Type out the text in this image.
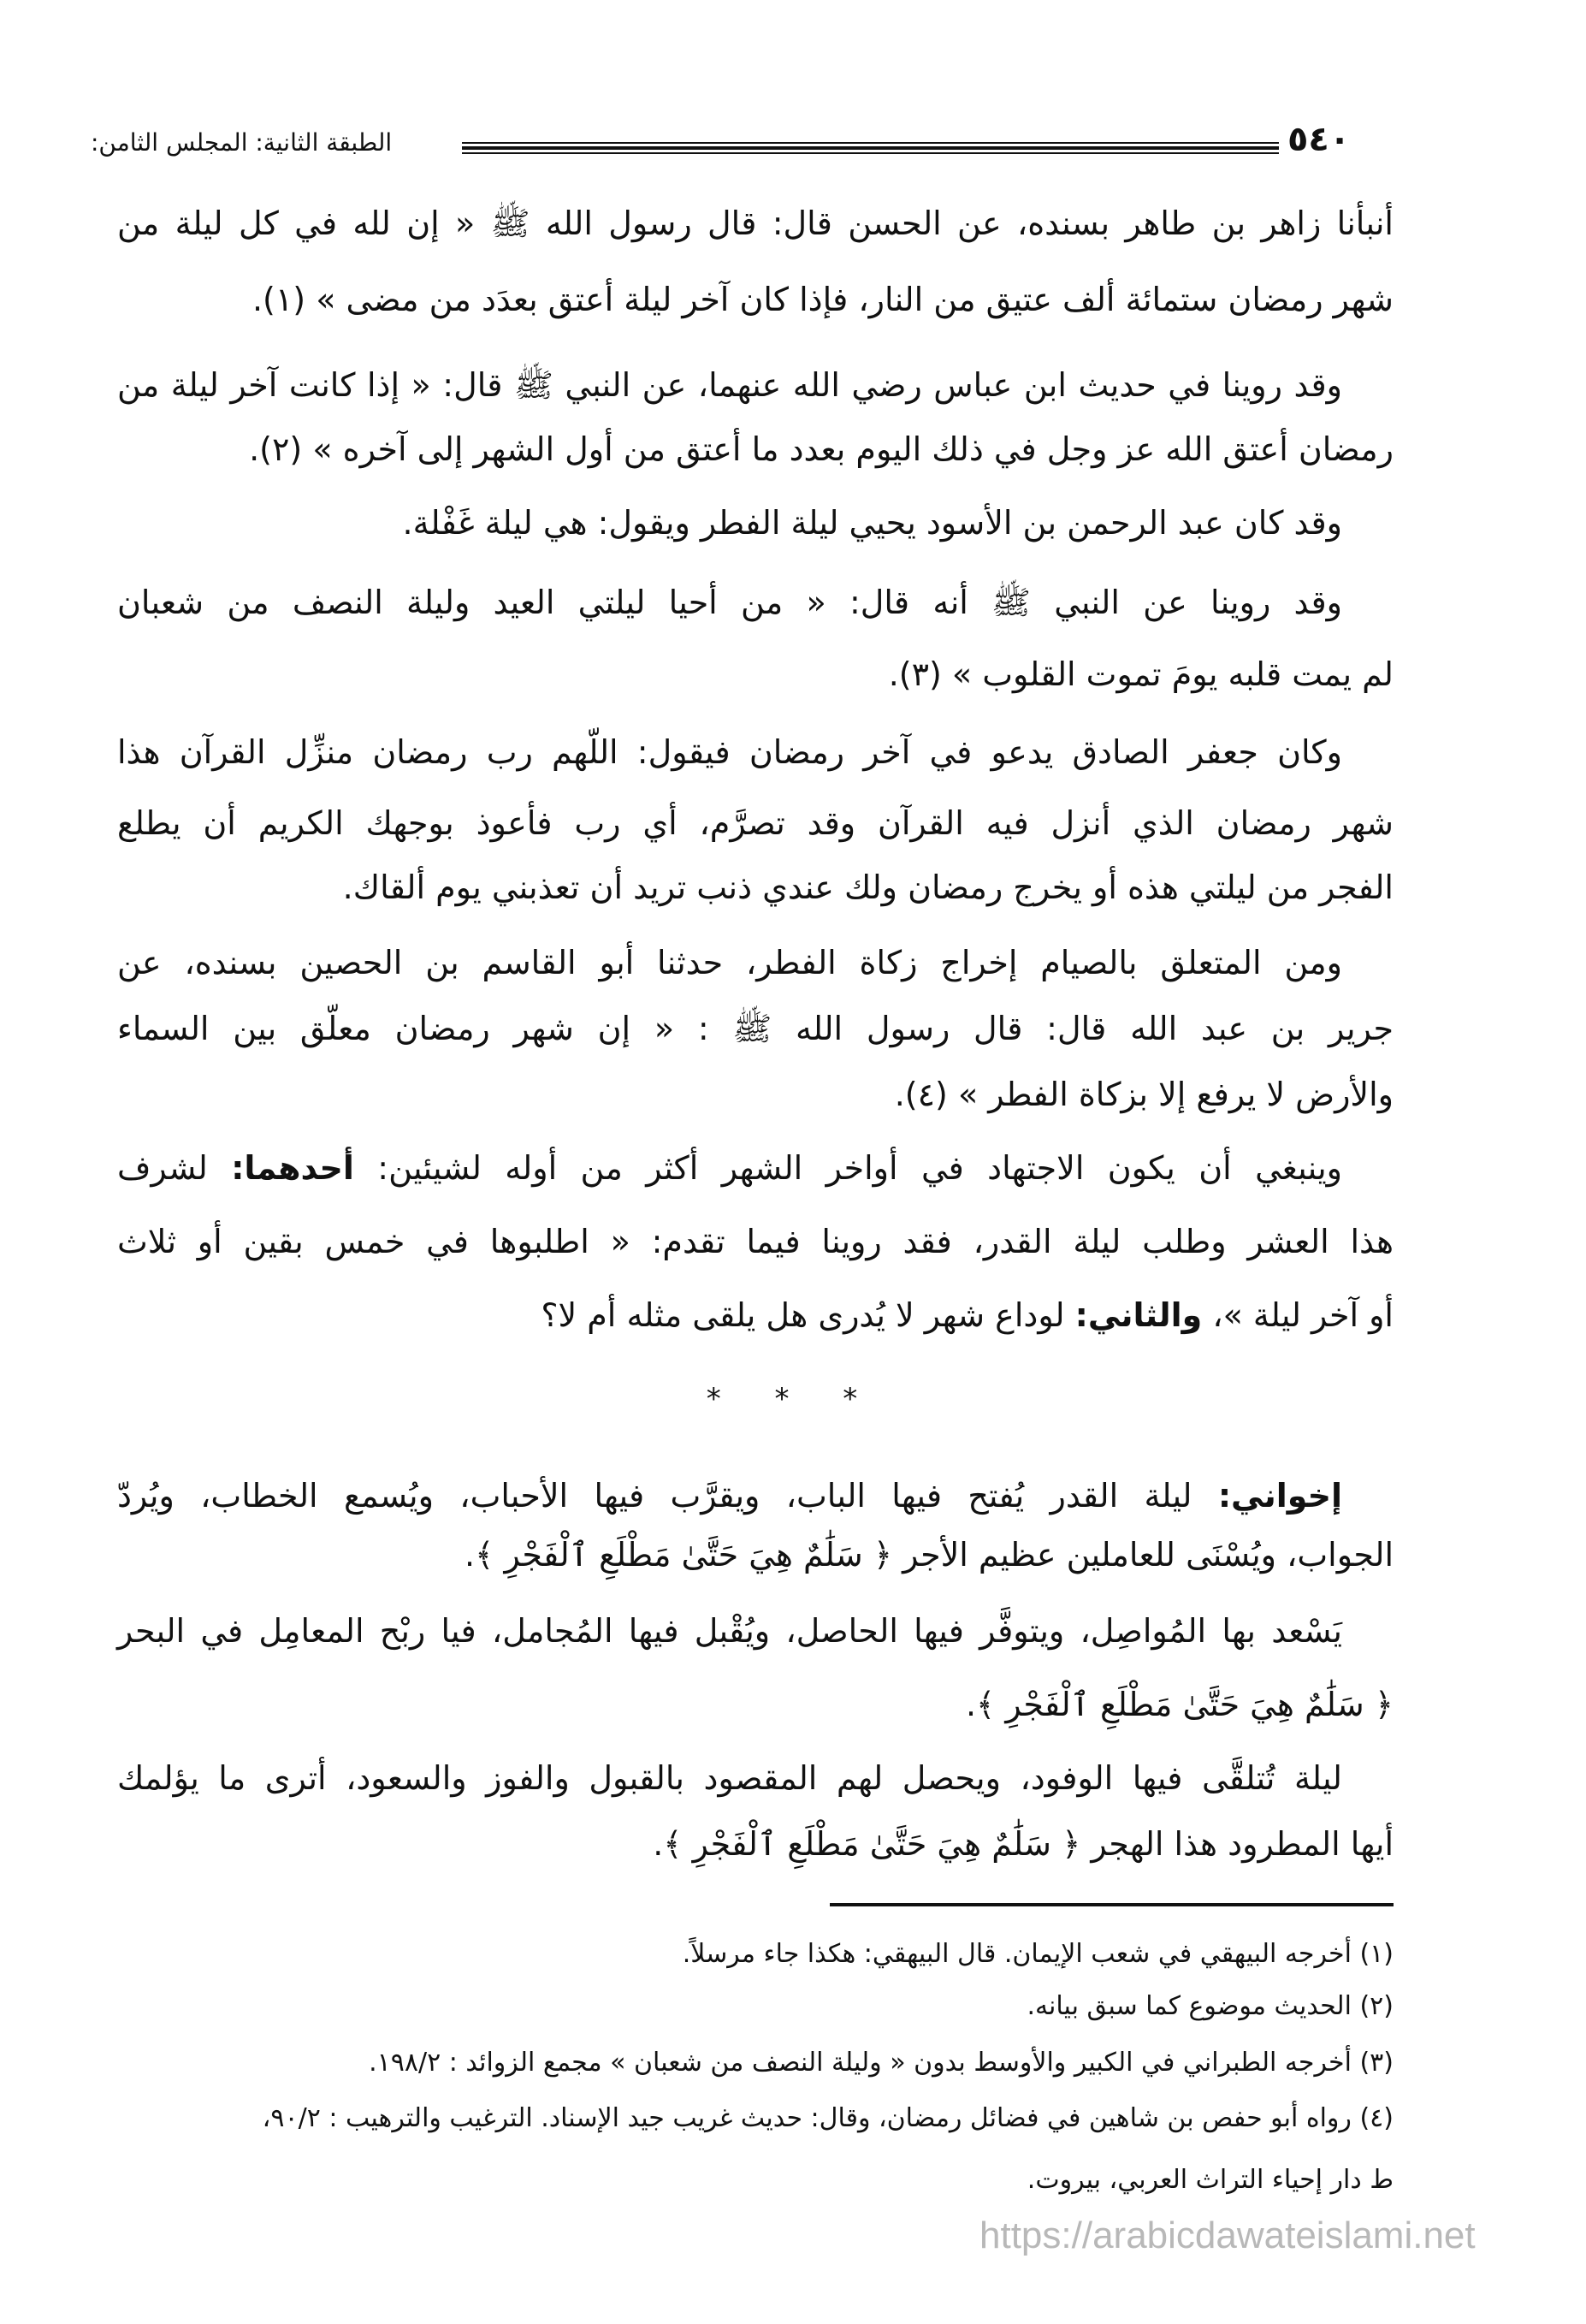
الطبقة الثانية: المجلس الثامن:	٥٤٠
أنبأنا زاهر بن طاهر بسنده، عن الحسن قال: قال رسول الله ﷺ « إن لله في كل ليلة من
شهر رمضان ستمائة ألف عتيق من النار، فإذا كان آخر ليلة أعتق بعدَد من مضى » (١).
وقد روينا في حديث ابن عباس رضي الله عنهما، عن النبي ﷺ قال: « إذا كانت آخر ليلة من
رمضان أعتق الله عز وجل في ذلك اليوم بعدد ما أعتق من أول الشهر إلى آخره » (٢).
وقد كان عبد الرحمن بن الأسود يحيي ليلة الفطر ويقول: هي ليلة غَفْلة.
وقد روينا عن النبي ﷺ أنه قال: « من أحيا ليلتي العيد وليلة النصف من شعبان
لم يمت قلبه يومَ تموت القلوب » (٣).
وكان جعفر الصادق يدعو في آخر رمضان فيقول: اللّهم رب رمضان منزِّل القرآن هذا
شهر رمضان الذي أنزل فيه القرآن وقد تصرَّم، أي رب فأعوذ بوجهك الكريم أن يطلع
الفجر من ليلتي هذه أو يخرج رمضان ولك عندي ذنب تريد أن تعذبني يوم ألقاك.
ومن المتعلق بالصيام إخراج زكاة الفطر، حدثنا أبو القاسم بن الحصين بسنده، عن
جرير بن عبد الله قال: قال رسول الله ﷺ : « إن شهر رمضان معلّق بين السماء
والأرض لا يرفع إلا بزكاة الفطر » (٤).
وينبغي أن يكون الاجتهاد في أواخر الشهر أكثر من أوله لشيئين: أحدهما: لشرف
هذا العشر وطلب ليلة القدر، فقد روينا فيما تقدم: « اطلبوها في خمس بقين أو ثلاث
أو آخر ليلة »، والثاني: لوداع شهر لا يُدرى هل يلقى مثله أم لا؟
* * *
إخواني: ليلة القدر يُفتح فيها الباب، ويقرَّب فيها الأحباب، ويُسمع الخطاب، ويُردّ
الجواب، ويُسْنَى للعاملين عظيم الأجر ﴿ سَلَٰمٌ هِيَ حَتَّىٰ مَطْلَعِ ٱلْفَجْرِ ﴾.
يَسْعد بها المُواصِل، ويتوفَّر فيها الحاصل، ويُقْبل فيها المُجامل، فيا ربْح المعامِل في البحر
﴿ سَلَٰمٌ هِيَ حَتَّىٰ مَطْلَعِ ٱلْفَجْرِ ﴾.
ليلة تُتلقَّى فيها الوفود، ويحصل لهم المقصود بالقبول والفوز والسعود، أترى ما يؤلمك
أيها المطرود هذا الهجر ﴿ سَلَٰمٌ هِيَ حَتَّىٰ مَطْلَعِ ٱلْفَجْرِ ﴾.
(١) أخرجه البيهقي في شعب الإيمان. قال البيهقي: هكذا جاء مرسلاً.
(٢) الحديث موضوع كما سبق بيانه.
(٣) أخرجه الطبراني في الكبير والأوسط بدون « وليلة النصف من شعبان » مجمع الزوائد : ١٩٨/٢.
(٤) رواه أبو حفص بن شاهين في فضائل رمضان، وقال: حديث غريب جيد الإسناد. الترغيب والترهيب : ٩٠/٢،
ط دار إحياء التراث العربي، بيروت.
https://arabicdawateislami.net
